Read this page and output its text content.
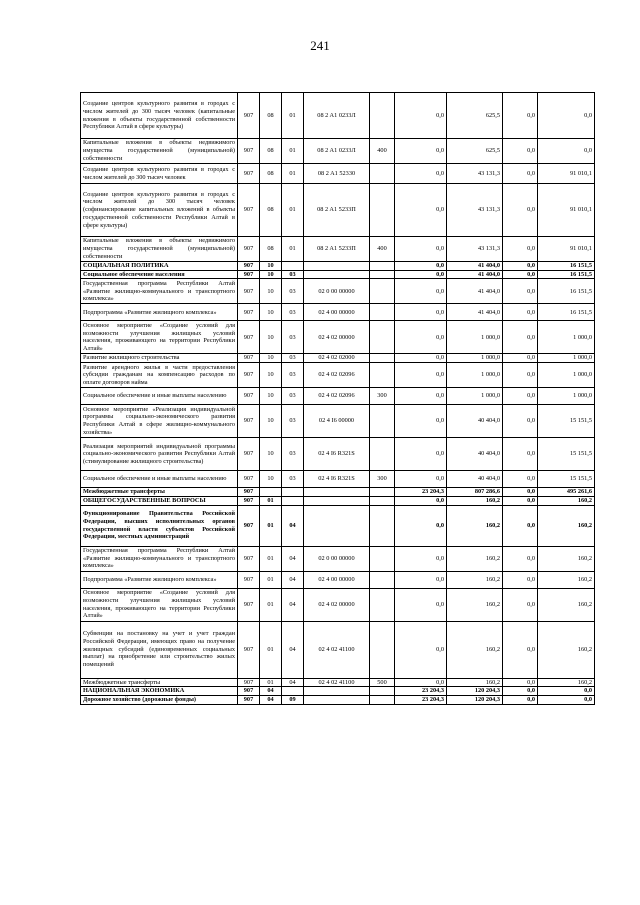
241
Создание центров культурного развития в городах с числом жителей до 300 тысяч человек (капитальные вложения в объекты государственной собственности Республики Алтай в сфере культуры)	907	08	01	08 2 A1 0233Л		0,0	625,5	0,0	0,0
Капитальные вложения в объекты недвижимого имущества государственной (муниципальной) собственности	907	08	01	08 2 A1 0233Л	400	0,0	625,5	0,0	0,0
Создание центров культурного развития в городах с числом жителей до 300 тысяч человек	907	08	01	08 2 A1 52330		0,0	43 131,3	0,0	91 010,1
Создание центров культурного развития в городах с числом жителей до 300 тысяч человек (софинансирование капитальных вложений в объекты государственной собственности Республики Алтай в сфере культуры)	907	08	01	08 2 A1 5233П		0,0	43 131,3	0,0	91 010,1
Капитальные вложения в объекты недвижимого имущества государственной (муниципальной) собственности	907	08	01	08 2 A1 5233П	400	0,0	43 131,3	0,0	91 010,1
СОЦИАЛЬНАЯ ПОЛИТИКА	907	10				0,0	41 404,0	0,0	16 151,5
Социальное обеспечение населения	907	10	03			0,0	41 404,0	0,0	16 151,5
Государственная программа Республики Алтай «Развитие жилищно-коммунального и транспортного комплекса»	907	10	03	02 0 00 00000		0,0	41 404,0	0,0	16 151,5
Подпрограмма «Развитие жилищного комплекса»	907	10	03	02 4 00 00000		0,0	41 404,0	0,0	16 151,5
Основное мероприятие «Создание условий для возможности улучшения жилищных условий населения, проживающего на территории Республики Алтай»	907	10	03	02 4 02 00000		0,0	1 000,0	0,0	1 000,0
Развитие жилищного строительства	907	10	03	02 4 02 02000		0,0	1 000,0	0,0	1 000,0
Развитие арендного жилья в части предоставления субсидии гражданам на компенсацию расходов по оплате договоров найма	907	10	03	02 4 02 02096		0,0	1 000,0	0,0	1 000,0
Социальное обеспечение и иные выплаты населению	907	10	03	02 4 02 02096	300	0,0	1 000,0	0,0	1 000,0
Основное мероприятие «Реализация индивидуальной программы социально-экономического развития Республики Алтай в сфере жилищно-коммунального хозяйства»	907	10	03	02 4 I6 00000		0,0	40 404,0	0,0	15 151,5
Реализация мероприятий индивидуальной программы социально-экономического развития Республики Алтай (стимулирование жилищного строительства)	907	10	03	02 4 I6 R321S		0,0	40 404,0	0,0	15 151,5
Социальное обеспечение и иные выплаты населению	907	10	03	02 4 I6 R321S	300	0,0	40 404,0	0,0	15 151,5
Межбюджетные трансферты	907					23 204,3	807 286,6	0,0	495 261,6
ОБЩЕГОСУДАРСТВЕННЫЕ ВОПРОСЫ	907	01				0,0	160,2	0,0	160,2
Функционирование Правительства Российской Федерации, высших исполнительных органов государственной власти субъектов Российской Федерации, местных администраций	907	01	04			0,0	160,2	0,0	160,2
Государственная программа Республики Алтай «Развитие жилищно-коммунального и транспортного комплекса»	907	01	04	02 0 00 00000		0,0	160,2	0,0	160,2
Подпрограмма «Развитие жилищного комплекса»	907	01	04	02 4 00 00000		0,0	160,2	0,0	160,2
Основное мероприятие «Создание условий для возможности улучшения жилищных условий населения, проживающего на территории Республики Алтай»	907	01	04	02 4 02 00000		0,0	160,2	0,0	160,2
Субвенции на постановку на учет и учет граждан Российской Федерации, имеющих право на получение жилищных субсидий (единовременных социальных выплат) на приобретение или строительство жилых помещений	907	01	04	02 4 02 41100		0,0	160,2	0,0	160,2
Межбюджетные трансферты	907	01	04	02 4 02 41100	500	0,0	160,2	0,0	160,2
НАЦИОНАЛЬНАЯ ЭКОНОМИКА	907	04				23 204,3	120 204,3	0,0	0,0
Дорожное хозяйство (дорожные фонды)	907	04	09			23 204,3	120 204,3	0,0	0,0
